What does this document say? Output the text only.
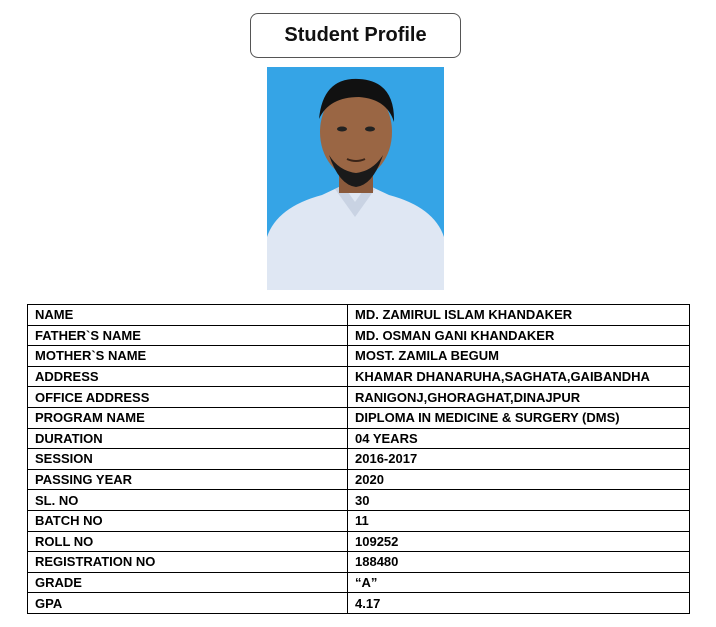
Student Profile
NAME	MD. ZAMIRUL ISLAM KHANDAKER
FATHER`S NAME	MD. OSMAN GANI KHANDAKER
MOTHER`S NAME	MOST. ZAMILA BEGUM
ADDRESS	KHAMAR DHANARUHA,SAGHATA,GAIBANDHA
OFFICE ADDRESS	RANIGONJ,GHORAGHAT,DINAJPUR
PROGRAM NAME	DIPLOMA IN MEDICINE & SURGERY (DMS)
DURATION	04 YEARS
SESSION	2016-2017
PASSING YEAR	2020
SL. NO	30
BATCH NO	11
ROLL NO	109252
REGISTRATION NO	188480
GRADE	“A”
GPA	4.17
